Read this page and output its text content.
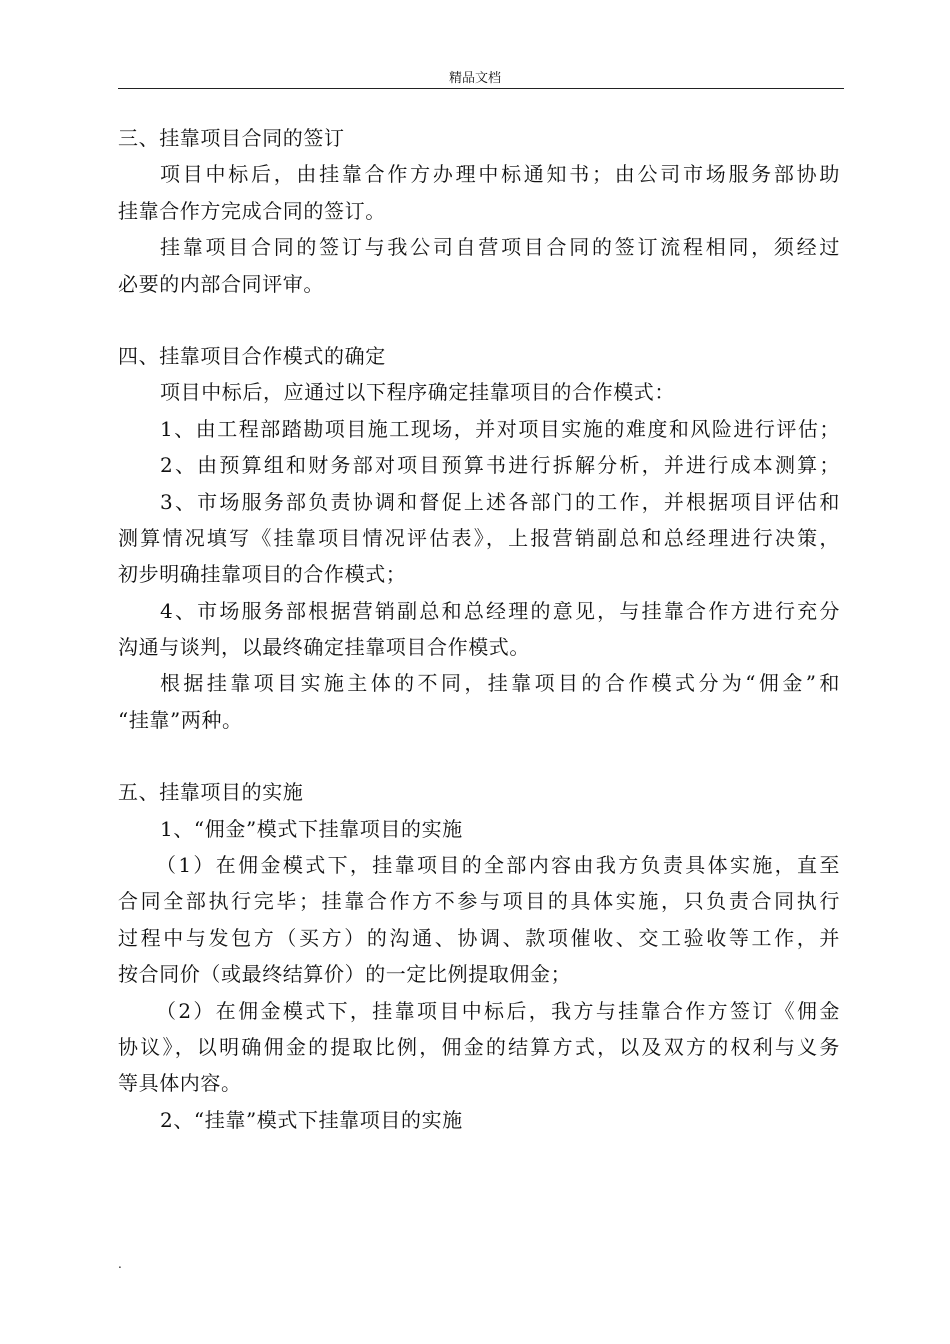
精品文档
三、挂靠项目合同的签订
项目中标后，由挂靠合作方办理中标通知书；由公司市场服务部协助
挂靠合作方完成合同的签订。
挂靠项目合同的签订与我公司自营项目合同的签订流程相同，须经过
必要的内部合同评审。
四、挂靠项目合作模式的确定
项目中标后，应通过以下程序确定挂靠项目的合作模式：
1、由工程部踏勘项目施工现场，并对项目实施的难度和风险进行评估；
2、由预算组和财务部对项目预算书进行拆解分析，并进行成本测算；
3、市场服务部负责协调和督促上述各部门的工作，并根据项目评估和
测算情况填写《挂靠项目情况评估表》，上报营销副总和总经理进行决策，
初步明确挂靠项目的合作模式；
4、市场服务部根据营销副总和总经理的意见，与挂靠合作方进行充分
沟通与谈判，以最终确定挂靠项目合作模式。
根据挂靠项目实施主体的不同，挂靠项目的合作模式分为“佣金”和
“挂靠”两种。
五、挂靠项目的实施
1、“佣金”模式下挂靠项目的实施
（1）在佣金模式下，挂靠项目的全部内容由我方负责具体实施，直至
合同全部执行完毕；挂靠合作方不参与项目的具体实施，只负责合同执行
过程中与发包方（买方）的沟通、协调、款项催收、交工验收等工作，并
按合同价（或最终结算价）的一定比例提取佣金；
（2）在佣金模式下，挂靠项目中标后，我方与挂靠合作方签订《佣金
协议》，以明确佣金的提取比例，佣金的结算方式，以及双方的权利与义务
等具体内容。
2、“挂靠”模式下挂靠项目的实施
.
